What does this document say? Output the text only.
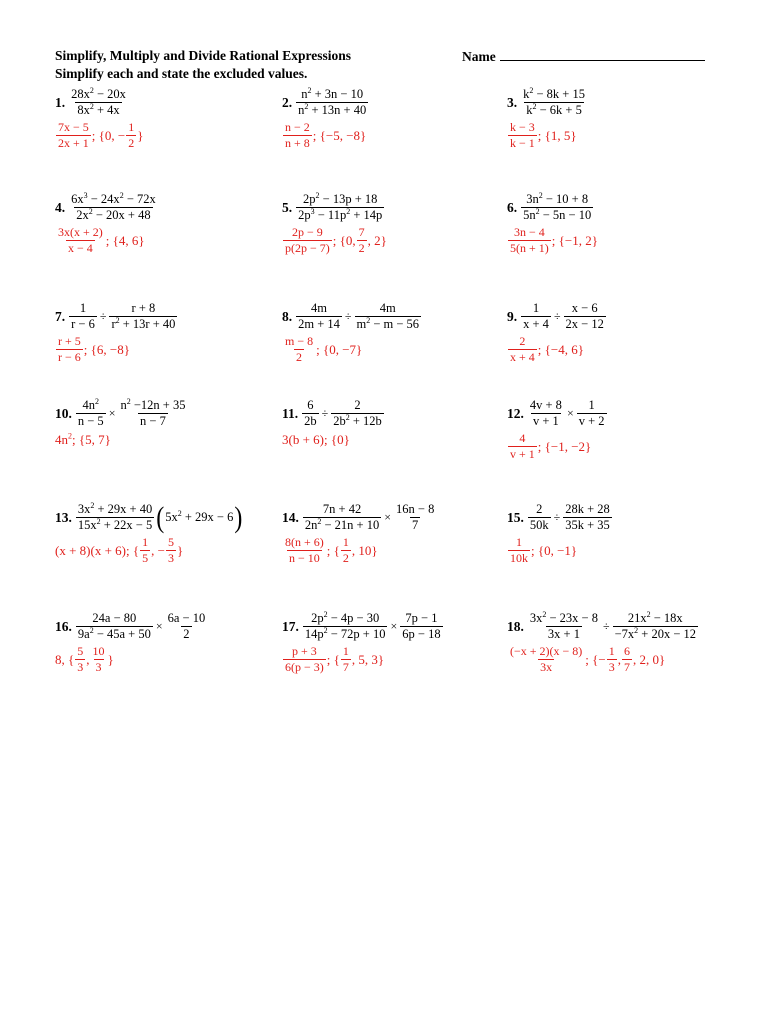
Simplify, Multiply and Divide Rational Expressions
Simplify each and state the excluded values.
Name
1. $\frac{28x^2 - 20x}{8x^2 + 4x}$
$\frac{7x - 5}{2x + 1}$ ; {0, − $\frac{1}{2}$ }
2. $\frac{n^2 + 3n - 10}{n^2 + 13n + 40}$
$\frac{n - 2}{n + 8}$ ; {−5, −8}
3. $\frac{k^2 - 8k + 15}{k^2 - 6k + 5}$
$\frac{k - 3}{k - 1}$ ; {1, 5}
4. $\frac{6x^3 - 24x^2 - 72x}{2x^2 - 20x + 48}$
$\frac{3x(x + 2)}{x - 4}$ ; {4, 6}
5. $\frac{2p^2 - 13p + 18}{2p^3 - 11p^2 + 14p}$
$\frac{2p - 9}{p(2p - 7)}$ ; {0, $\frac{7}{2}$ , 2}
6. $\frac{3n^2 - 10 + 8}{5n^2 - 5n - 10}$
$\frac{3n - 4}{5(n + 1)}$ ; {−1, 2}
7. $\frac{1}{r - 6} \div \frac{r + 8}{r^2 + 13r + 40}$
$\frac{r + 5}{r - 6}$ ; {6, −8}
8. $\frac{4m}{2m + 14} \div \frac{4m}{m^2 - m - 56}$
$\frac{m - 8}{2}$ ; {0, −7}
9. $\frac{1}{x + 4} \div \frac{x - 6}{2x - 12}$
$\frac{2}{x + 4}$ ; {−4, 6}
10. $\frac{4n^2}{n - 5} \times \frac{n^2 -12n + 35}{n - 7}$
$4n^2$; {5, 7}
11. $\frac{6}{2b} \div \frac{2}{2b^2 + 12b}$
3(b + 6); {0}
12. $\frac{4v + 8}{v + 1} \times \frac{1}{v + 2}$
$\frac{4}{v + 1}$ ; {−1, −2}
13. $\frac{3x^2 + 29x + 40}{15x^2 + 22x - 5}$ ( $5x^2 + 29x - 6$ )
(x + 8)(x + 6); { $\frac{1}{5}$ , − $\frac{5}{3}$ }
14. $\frac{7n + 42}{2n^2 - 21n + 10} \times \frac{16n - 8}{7}$
$\frac{8(n + 6)}{n - 10}$ ; { $\frac{1}{2}$ , 10}
15. $\frac{2}{50k} \div \frac{28k + 28}{35k + 35}$
$\frac{1}{10k}$ ; {0, −1}
16. $\frac{24a - 80}{9a^2 - 45a + 50} \times \frac{6a - 10}{2}$
8, { $\frac{5}{3}$ , $\frac{10}{3}$ }
17. $\frac{2p^2 - 4p - 30}{14p^2 - 72p + 10} \times \frac{7p - 1}{6p - 18}$
$\frac{p + 3}{6(p - 3)}$ ; { $\frac{1}{7}$ , 5, 3}
18. $\frac{3x^2 - 23x - 8}{3x + 1} \div \frac{21x^2 - 18x}{-7x^2 + 20x - 12}$
$\frac{(-x + 2)(x - 8)}{3x}$ ; {− $\frac{1}{3}$ , $\frac{6}{7}$ , 2, 0}
